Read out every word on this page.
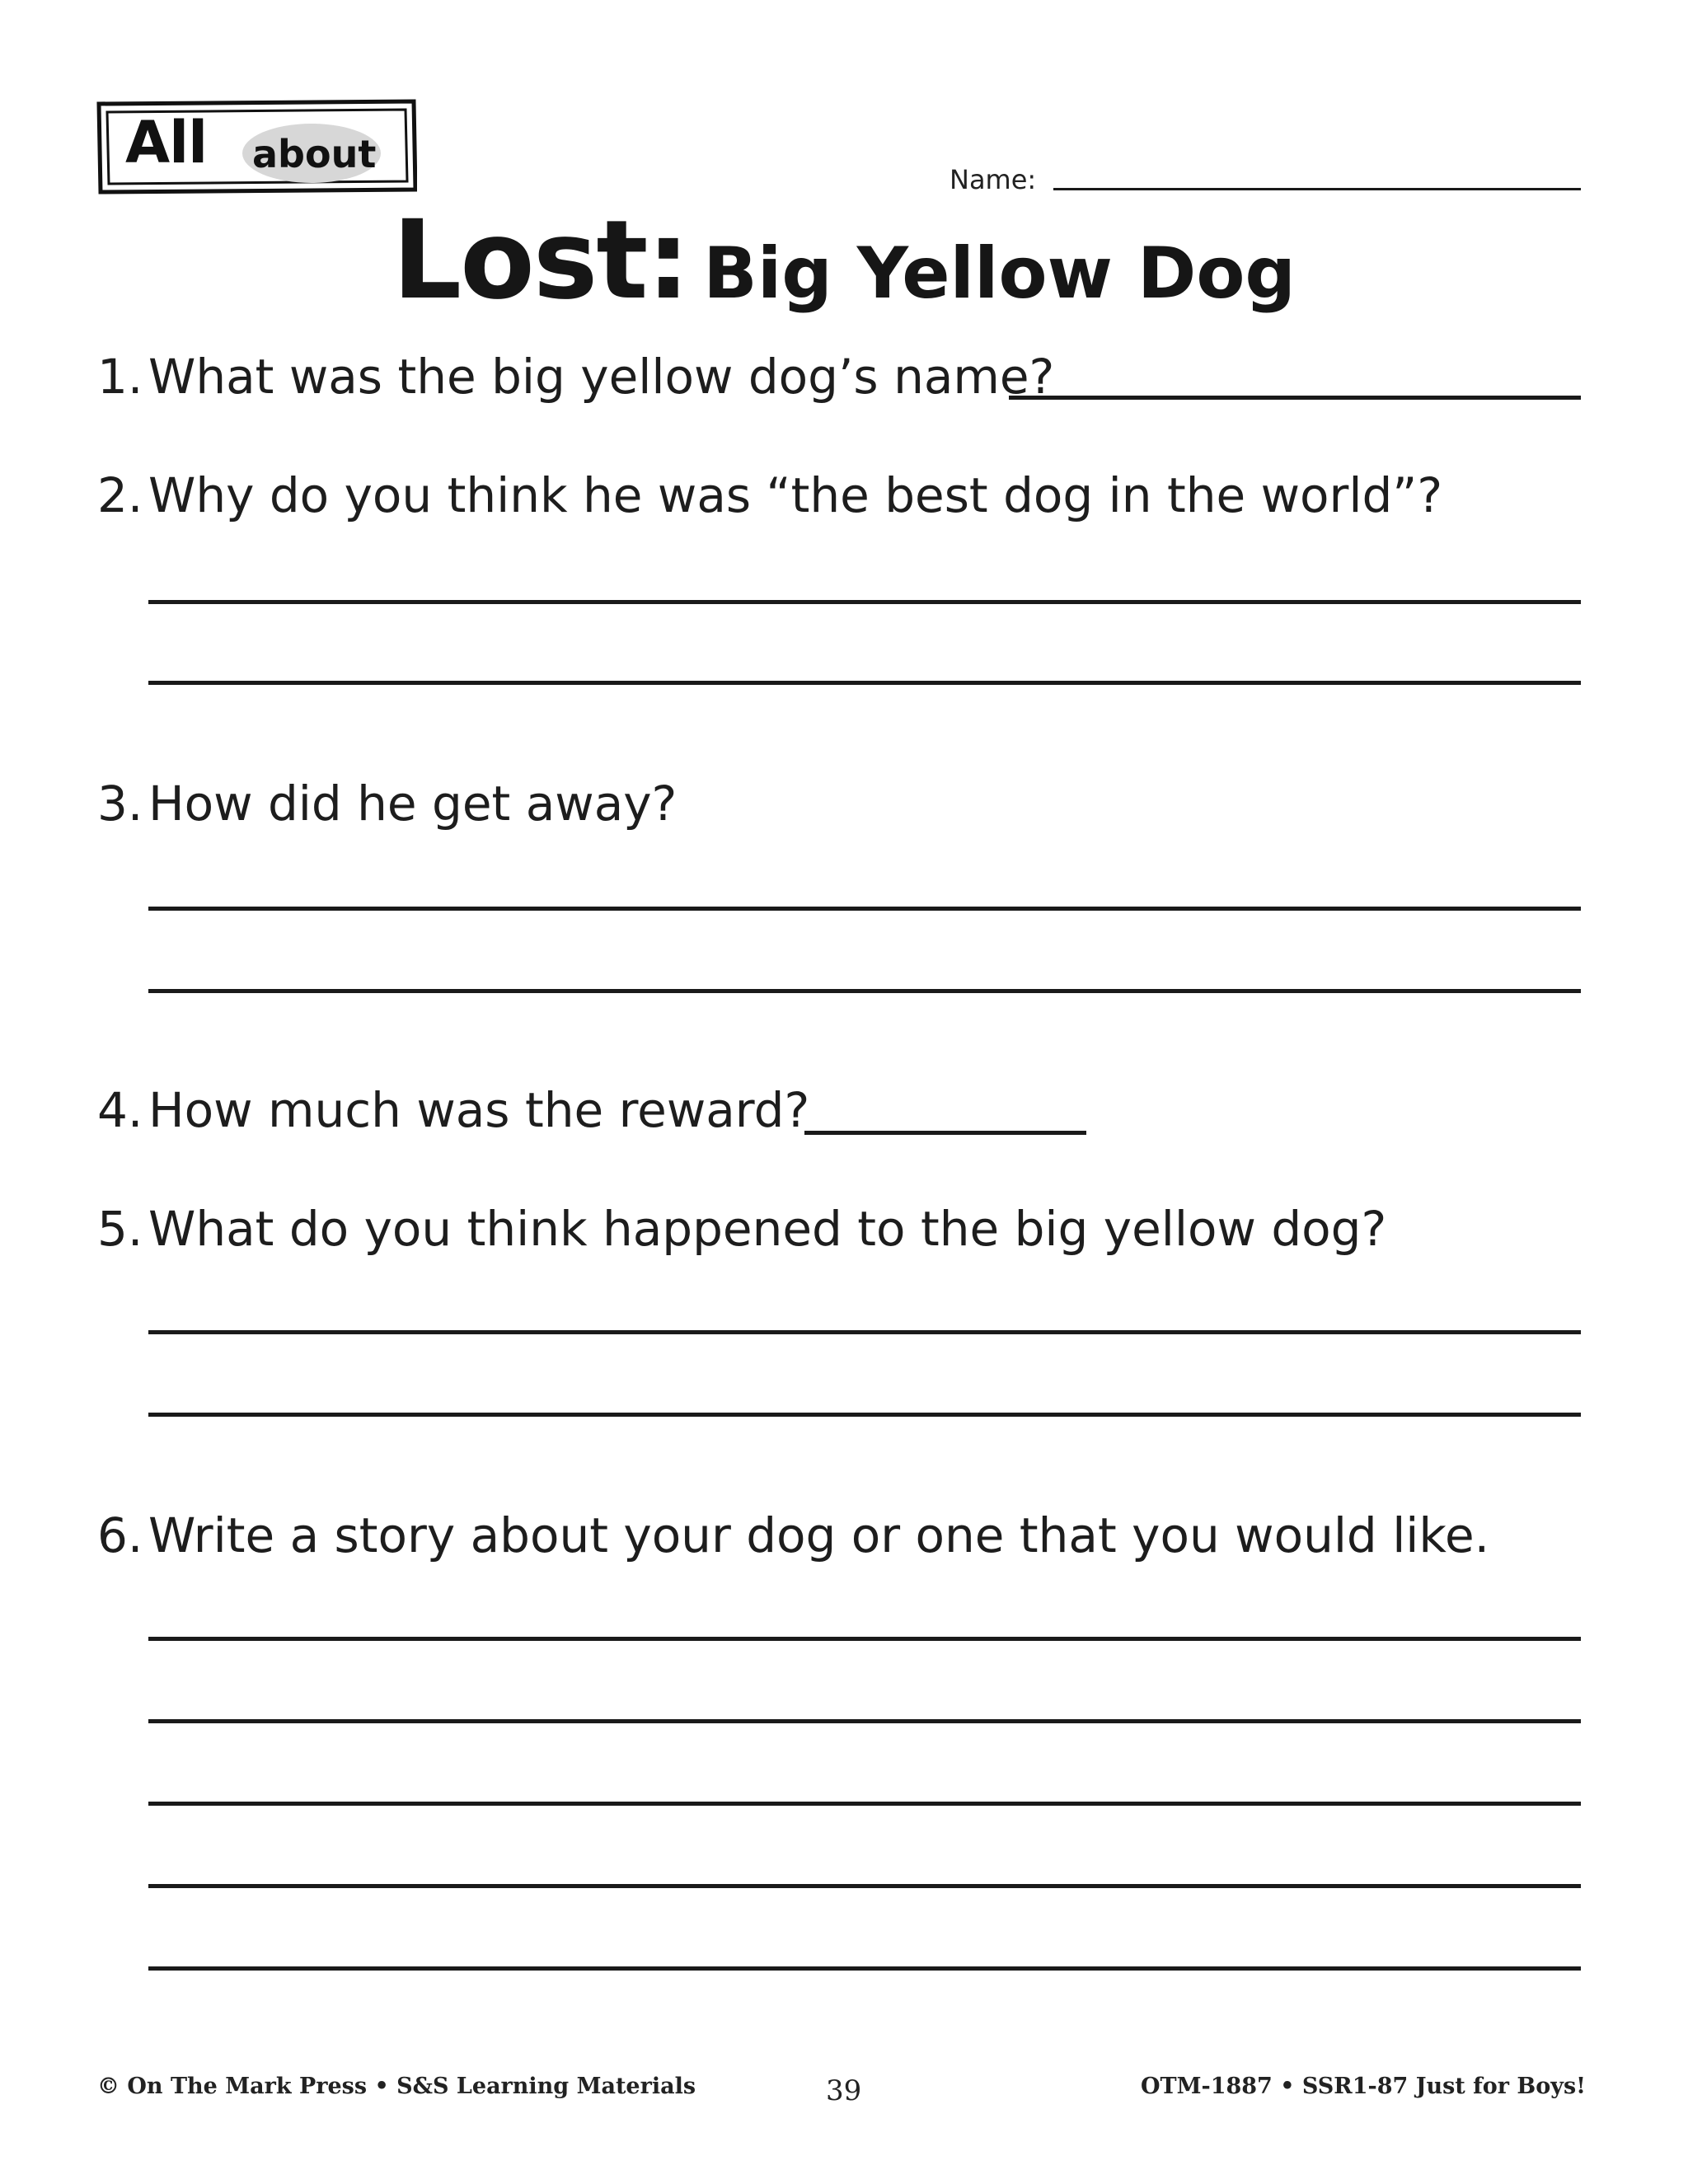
All about
Name:
Lost: Big Yellow Dog
1. What was the big yellow dog’s name?
2. Why do you think he was “the best dog in the world”?
3. How did he get away?
4. How much was the reward?
5. What do you think happened to the big yellow dog?
6. Write a story about your dog or one that you would like.
© On The Mark Press • S&S Learning Materials	39	OTM-1887 • SSR1-87 Just for Boys!
